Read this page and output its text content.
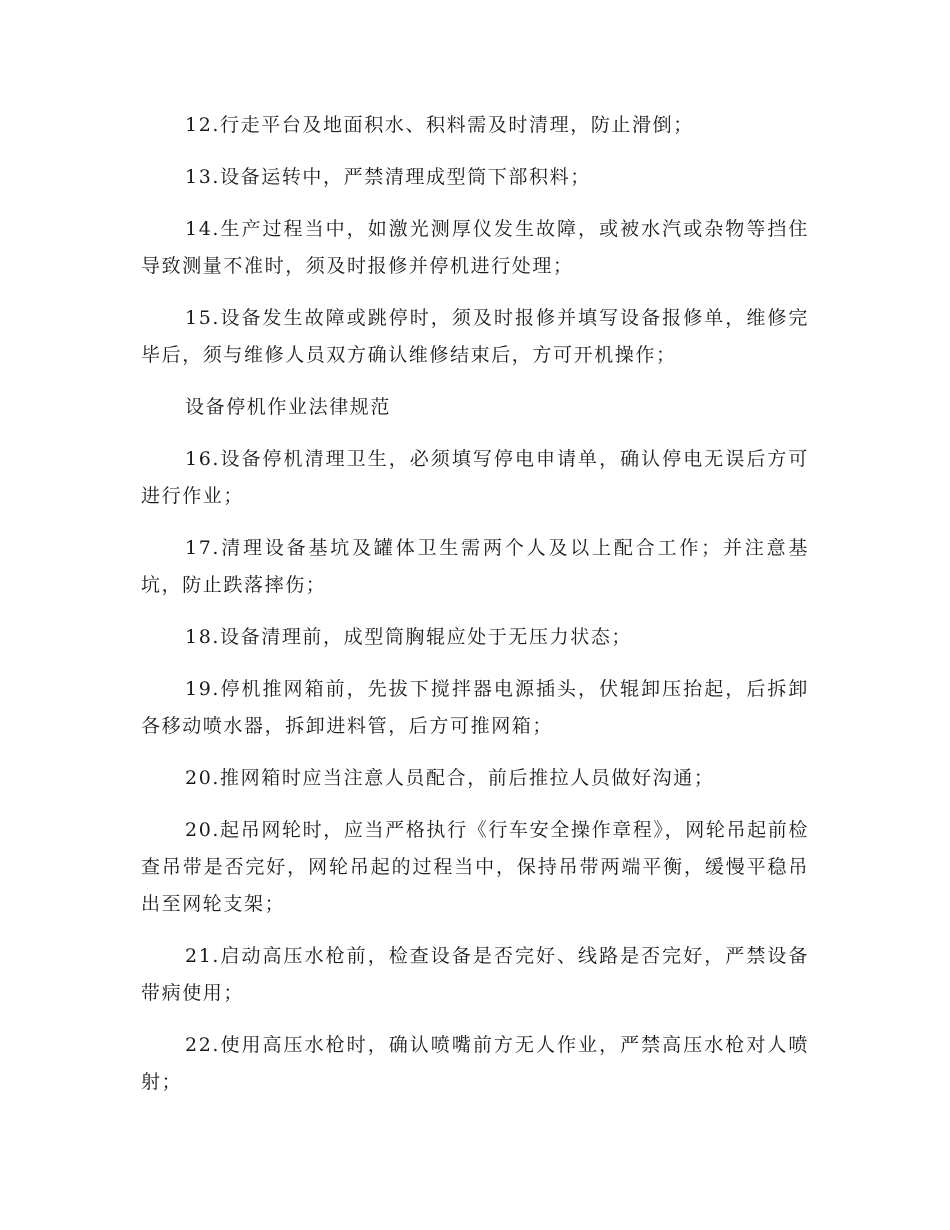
12.行走平台及地面积水、积料需及时清理，防止滑倒；

13.设备运转中，严禁清理成型筒下部积料；

14.生产过程当中，如激光测厚仪发生故障，或被水汽或杂物等挡住导致测量不准时，须及时报修并停机进行处理；

15.设备发生故障或跳停时，须及时报修并填写设备报修单，维修完毕后，须与维修人员双方确认维修结束后，方可开机操作；

设备停机作业法律规范

16.设备停机清理卫生，必须填写停电申请单，确认停电无误后方可进行作业；

17.清理设备基坑及罐体卫生需两个人及以上配合工作；并注意基坑，防止跌落摔伤；

18.设备清理前，成型筒胸辊应处于无压力状态；

19.停机推网箱前，先拔下搅拌器电源插头，伏辊卸压抬起，后拆卸各移动喷水器，拆卸进料管，后方可推网箱；

20.推网箱时应当注意人员配合，前后推拉人员做好沟通；

20.起吊网轮时，应当严格执行《行车安全操作章程》，网轮吊起前检查吊带是否完好，网轮吊起的过程当中，保持吊带两端平衡，缓慢平稳吊出至网轮支架；

21.启动高压水枪前，检查设备是否完好、线路是否完好，严禁设备带病使用；

22.使用高压水枪时，确认喷嘴前方无人作业，严禁高压水枪对人喷射；
